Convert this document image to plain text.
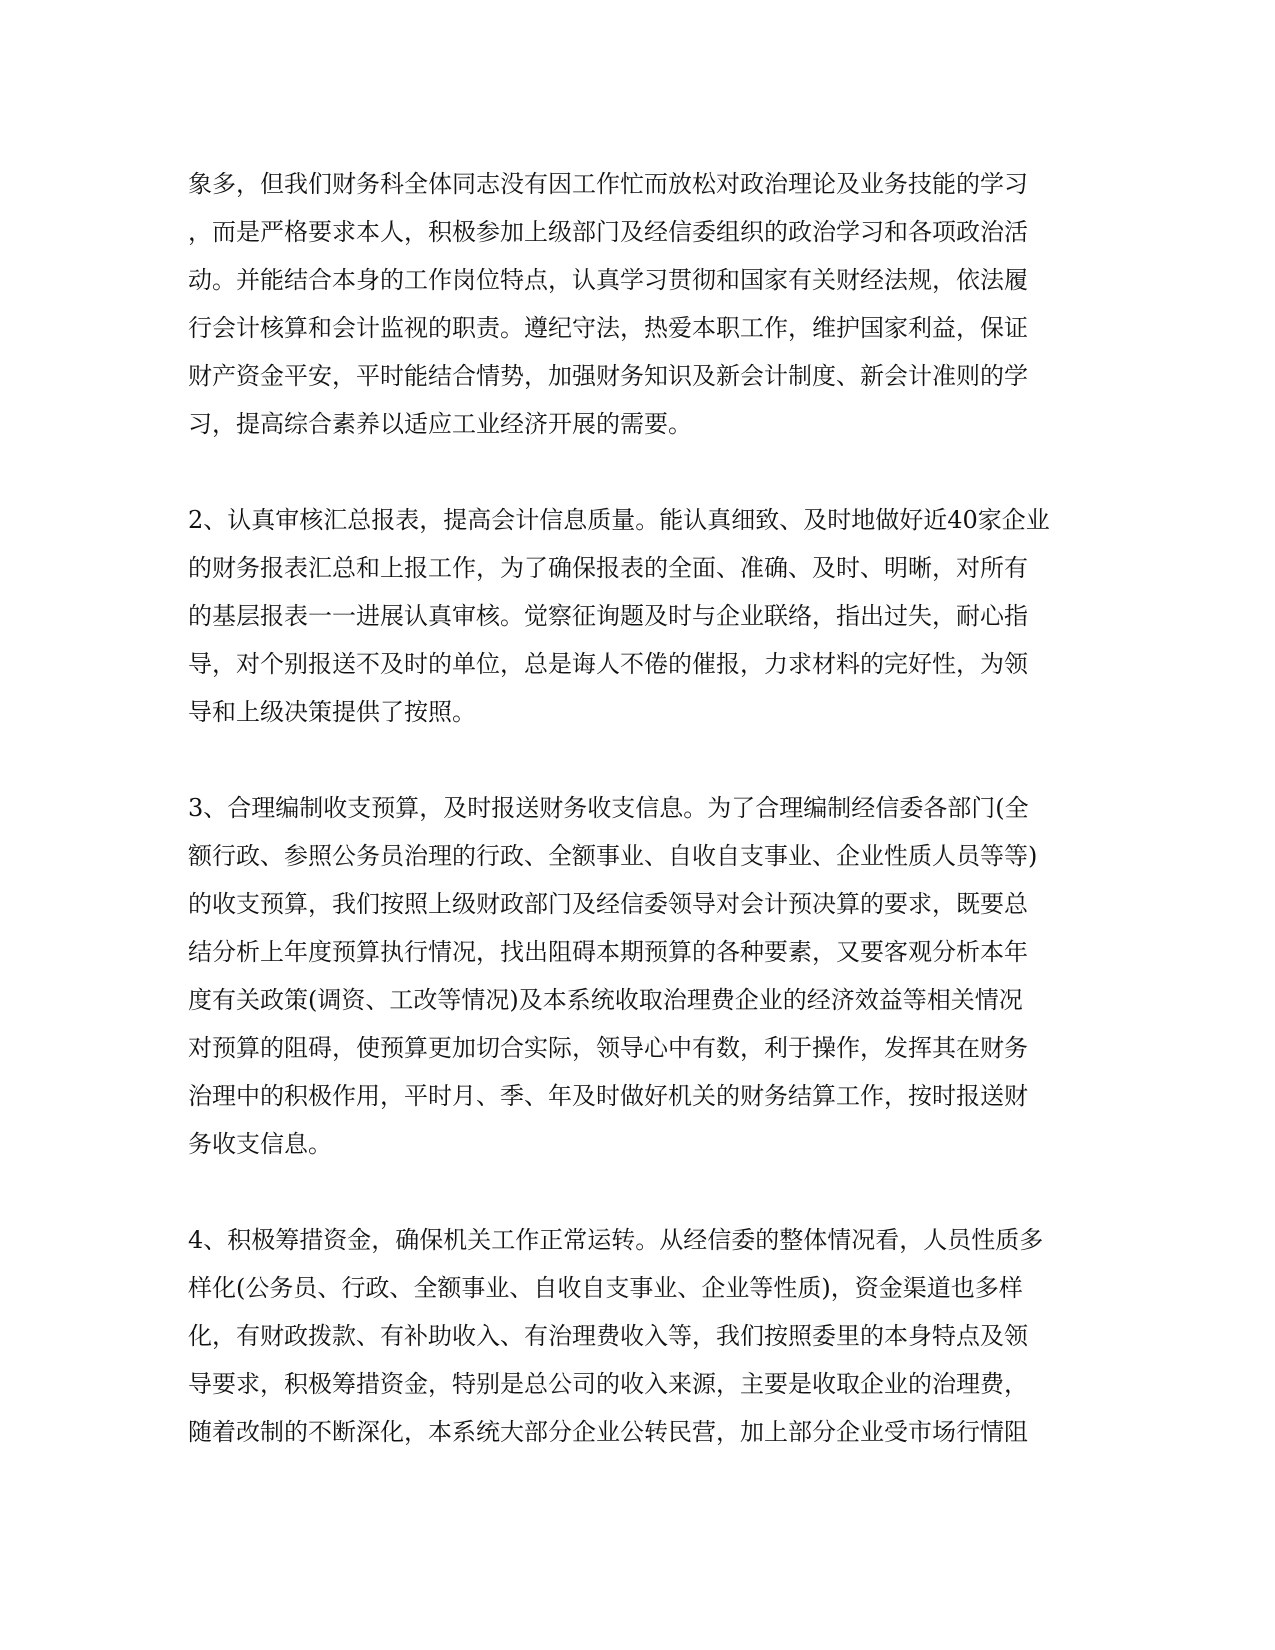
象多，但我们财务科全体同志没有因工作忙而放松对政治理论及业务技能的学习
，而是严格要求本人，积极参加上级部门及经信委组织的政治学习和各项政治活
动。并能结合本身的工作岗位特点，认真学习贯彻和国家有关财经法规，依法履
行会计核算和会计监视的职责。遵纪守法，热爱本职工作，维护国家利益，保证
财产资金平安，平时能结合情势，加强财务知识及新会计制度、新会计准则的学
习，提高综合素养以适应工业经济开展的需要。
2、认真审核汇总报表，提高会计信息质量。能认真细致、及时地做好近40家企业
的财务报表汇总和上报工作，为了确保报表的全面、准确、及时、明晰，对所有
的基层报表一一进展认真审核。觉察征询题及时与企业联络，指出过失，耐心指
导，对个别报送不及时的单位，总是诲人不倦的催报，力求材料的完好性，为领
导和上级决策提供了按照。
3、合理编制收支预算，及时报送财务收支信息。为了合理编制经信委各部门(全
额行政、参照公务员治理的行政、全额事业、自收自支事业、企业性质人员等等)
的收支预算，我们按照上级财政部门及经信委领导对会计预决算的要求，既要总
结分析上年度预算执行情况，找出阻碍本期预算的各种要素，又要客观分析本年
度有关政策(调资、工改等情况)及本系统收取治理费企业的经济效益等相关情况
对预算的阻碍，使预算更加切合实际，领导心中有数，利于操作，发挥其在财务
治理中的积极作用，平时月、季、年及时做好机关的财务结算工作，按时报送财
务收支信息。
4、积极筹措资金，确保机关工作正常运转。从经信委的整体情况看，人员性质多
样化(公务员、行政、全额事业、自收自支事业、企业等性质)，资金渠道也多样
化，有财政拨款、有补助收入、有治理费收入等，我们按照委里的本身特点及领
导要求，积极筹措资金，特别是总公司的收入来源，主要是收取企业的治理费，
随着改制的不断深化，本系统大部分企业公转民营，加上部分企业受市场行情阻
